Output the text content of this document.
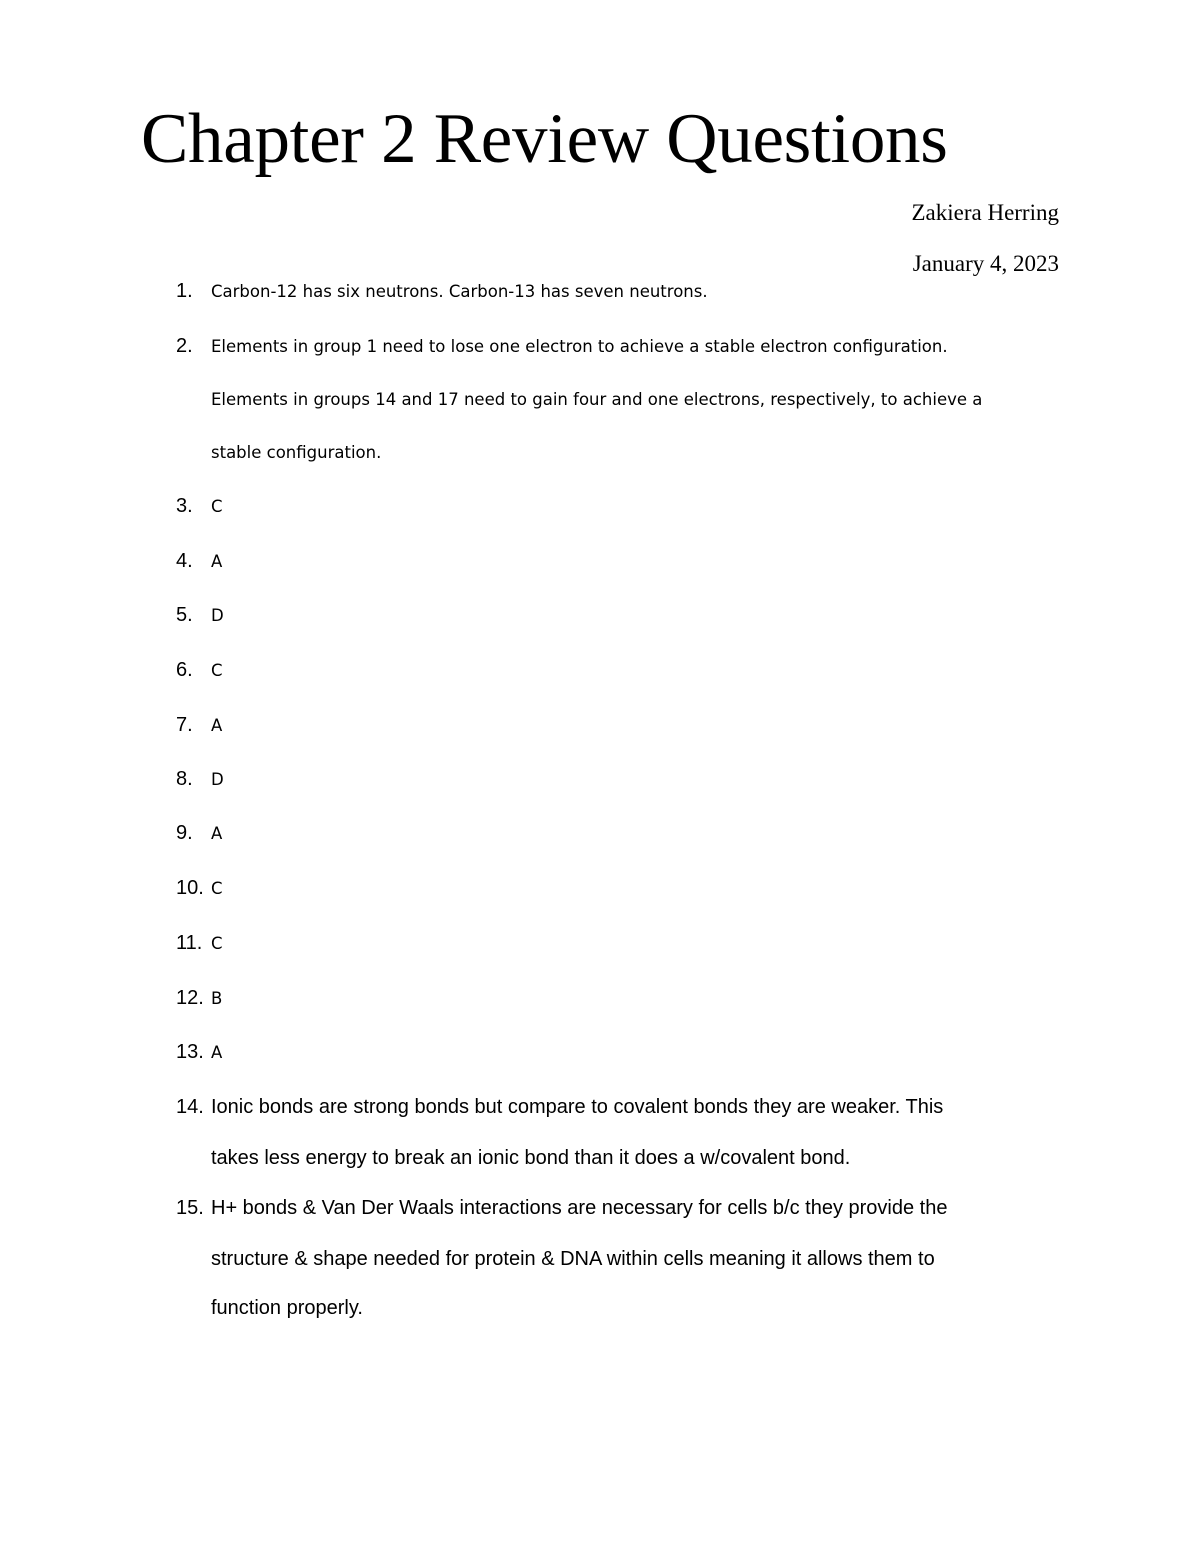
Chapter 2 Review Questions
Zakiera Herring
January 4, 2023
1. Carbon-12 has six neutrons. Carbon-13 has seven neutrons.
2. Elements in group 1 need to lose one electron to achieve a stable electron configuration.
Elements in groups 14 and 17 need to gain four and one electrons, respectively, to achieve a
stable configuration.
3. C
4. A
5. D
6. C
7. A
8. D
9. A
10. C
11. C
12. B
13. A
14. Ionic bonds are strong bonds but compare to covalent bonds they are weaker. This
takes less energy to break an ionic bond than it does a w/covalent bond.
15. H+ bonds & Van Der Waals interactions are necessary for cells b/c they provide the
structure & shape needed for protein & DNA within cells meaning it allows them to
function properly.
